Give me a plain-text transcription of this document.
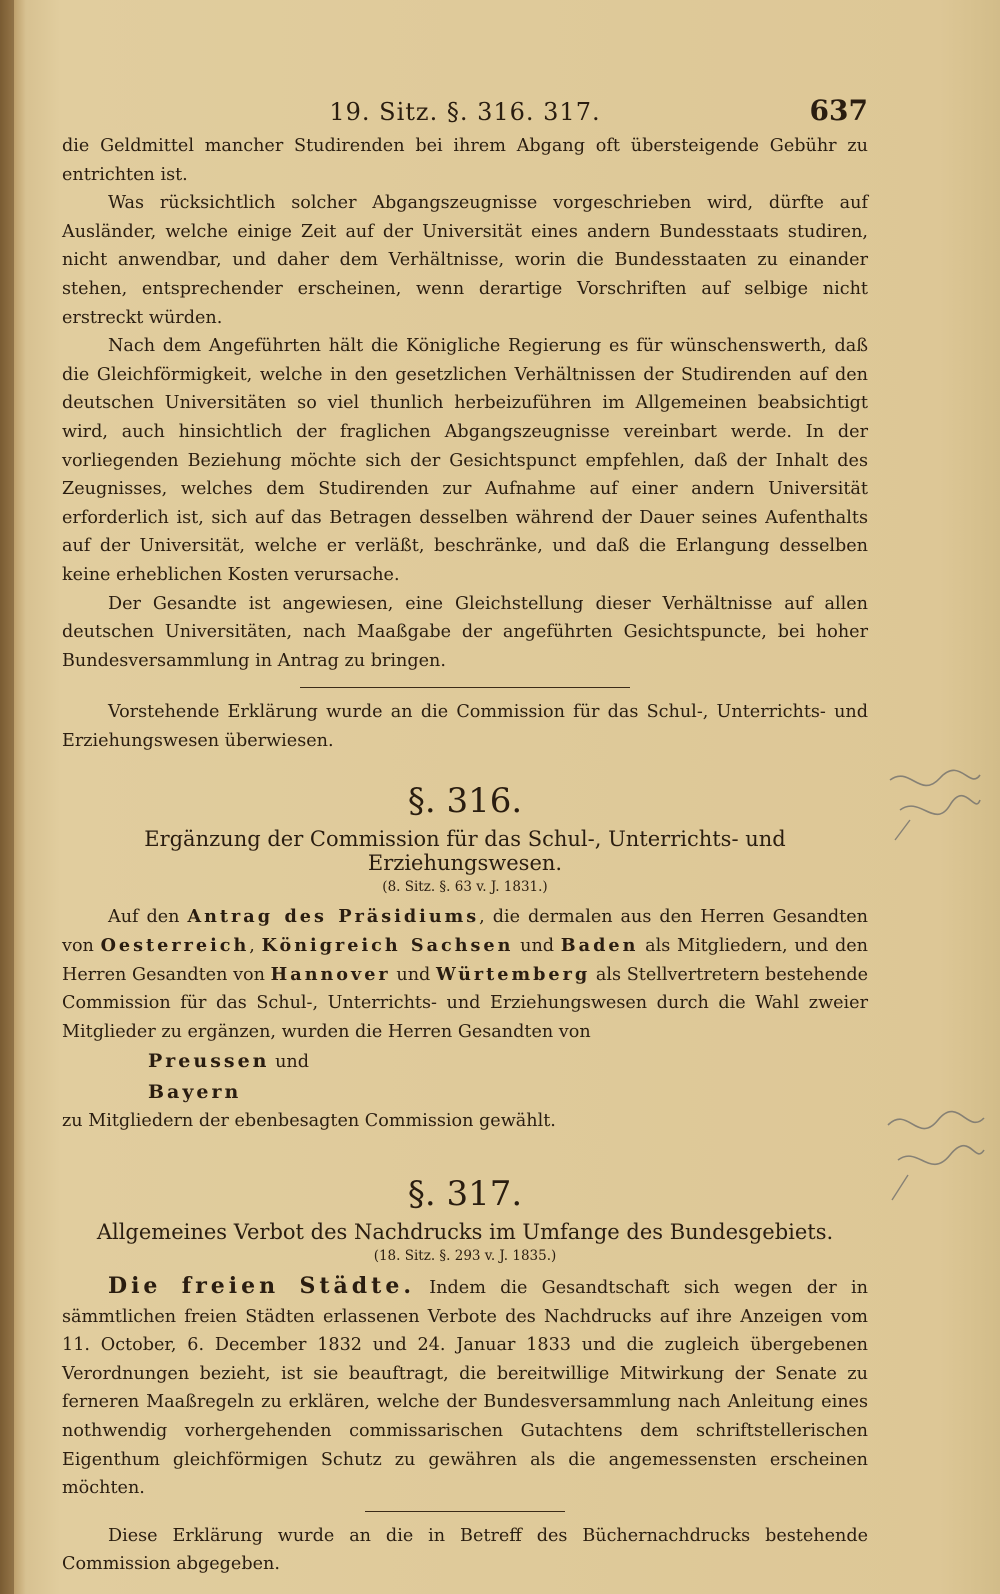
19. Sitz. §. 316. 317.	637

die Geldmittel mancher Studirenden bei ihrem Abgang oft übersteigende Gebühr zu entrichten ist.

Was rücksichtlich solcher Abgangszeugnisse vorgeschrieben wird, dürfte auf Ausländer, welche einige Zeit auf der Universität eines andern Bundesstaats studiren, nicht anwendbar, und daher dem Verhältnisse, worin die Bundesstaaten zu einander stehen, entsprechender erscheinen, wenn derartige Vorschriften auf selbige nicht erstreckt würden.

Nach dem Angeführten hält die Königliche Regierung es für wünschenswerth, daß die Gleichförmigkeit, welche in den gesetzlichen Verhältnissen der Studirenden auf den deutschen Universitäten so viel thunlich herbeizuführen im Allgemeinen beabsichtigt wird, auch hinsichtlich der fraglichen Abgangszeugnisse vereinbart werde. In der vorliegenden Beziehung möchte sich der Gesichtspunct empfehlen, daß der Inhalt des Zeugnisses, welches dem Studirenden zur Aufnahme auf einer andern Universität erforderlich ist, sich auf das Betragen desselben während der Dauer seines Aufenthalts auf der Universität, welche er verläßt, beschränke, und daß die Erlangung desselben keine erheblichen Kosten verursache.

Der Gesandte ist angewiesen, eine Gleichstellung dieser Verhältnisse auf allen deutschen Universitäten, nach Maaßgabe der angeführten Gesichtspuncte, bei hoher Bundesversammlung in Antrag zu bringen.

Vorstehende Erklärung wurde an die Commission für das Schul-, Unterrichts- und Erziehungswesen überwiesen.

§. 316.
Ergänzung der Commission für das Schul-, Unterrichts- und Erziehungswesen.
(8. Sitz. §. 63 v. J. 1831.)

Auf den Antrag des Präsidiums, die dermalen aus den Herren Gesandten von Oesterreich, Königreich Sachsen und Baden als Mitgliedern, und den Herren Gesandten von Hannover und Würtemberg als Stellvertretern bestehende Commission für das Schul-, Unterrichts- und Erziehungswesen durch die Wahl zweier Mitglieder zu ergänzen, wurden die Herren Gesandten von

Preussen und
Bayern

zu Mitgliedern der ebenbesagten Commission gewählt.

§. 317.
Allgemeines Verbot des Nachdrucks im Umfange des Bundesgebiets.
(18. Sitz. §. 293 v. J. 1835.)

Die freien Städte. Indem die Gesandtschaft sich wegen der in sämmtlichen freien Städten erlassenen Verbote des Nachdrucks auf ihre Anzeigen vom 11. October, 6. December 1832 und 24. Januar 1833 und die zugleich übergebenen Verordnungen bezieht, ist sie beauftragt, die bereitwillige Mitwirkung der Senate zu ferneren Maaßregeln zu erklären, welche der Bundesversammlung nach Anleitung eines nothwendig vorhergehenden commissarischen Gutachtens dem schriftstellerischen Eigenthum gleichförmigen Schutz zu gewähren als die angemessensten erscheinen möchten.

Diese Erklärung wurde an die in Betreff des Büchernachdrucks bestehende Commission abgegeben.
